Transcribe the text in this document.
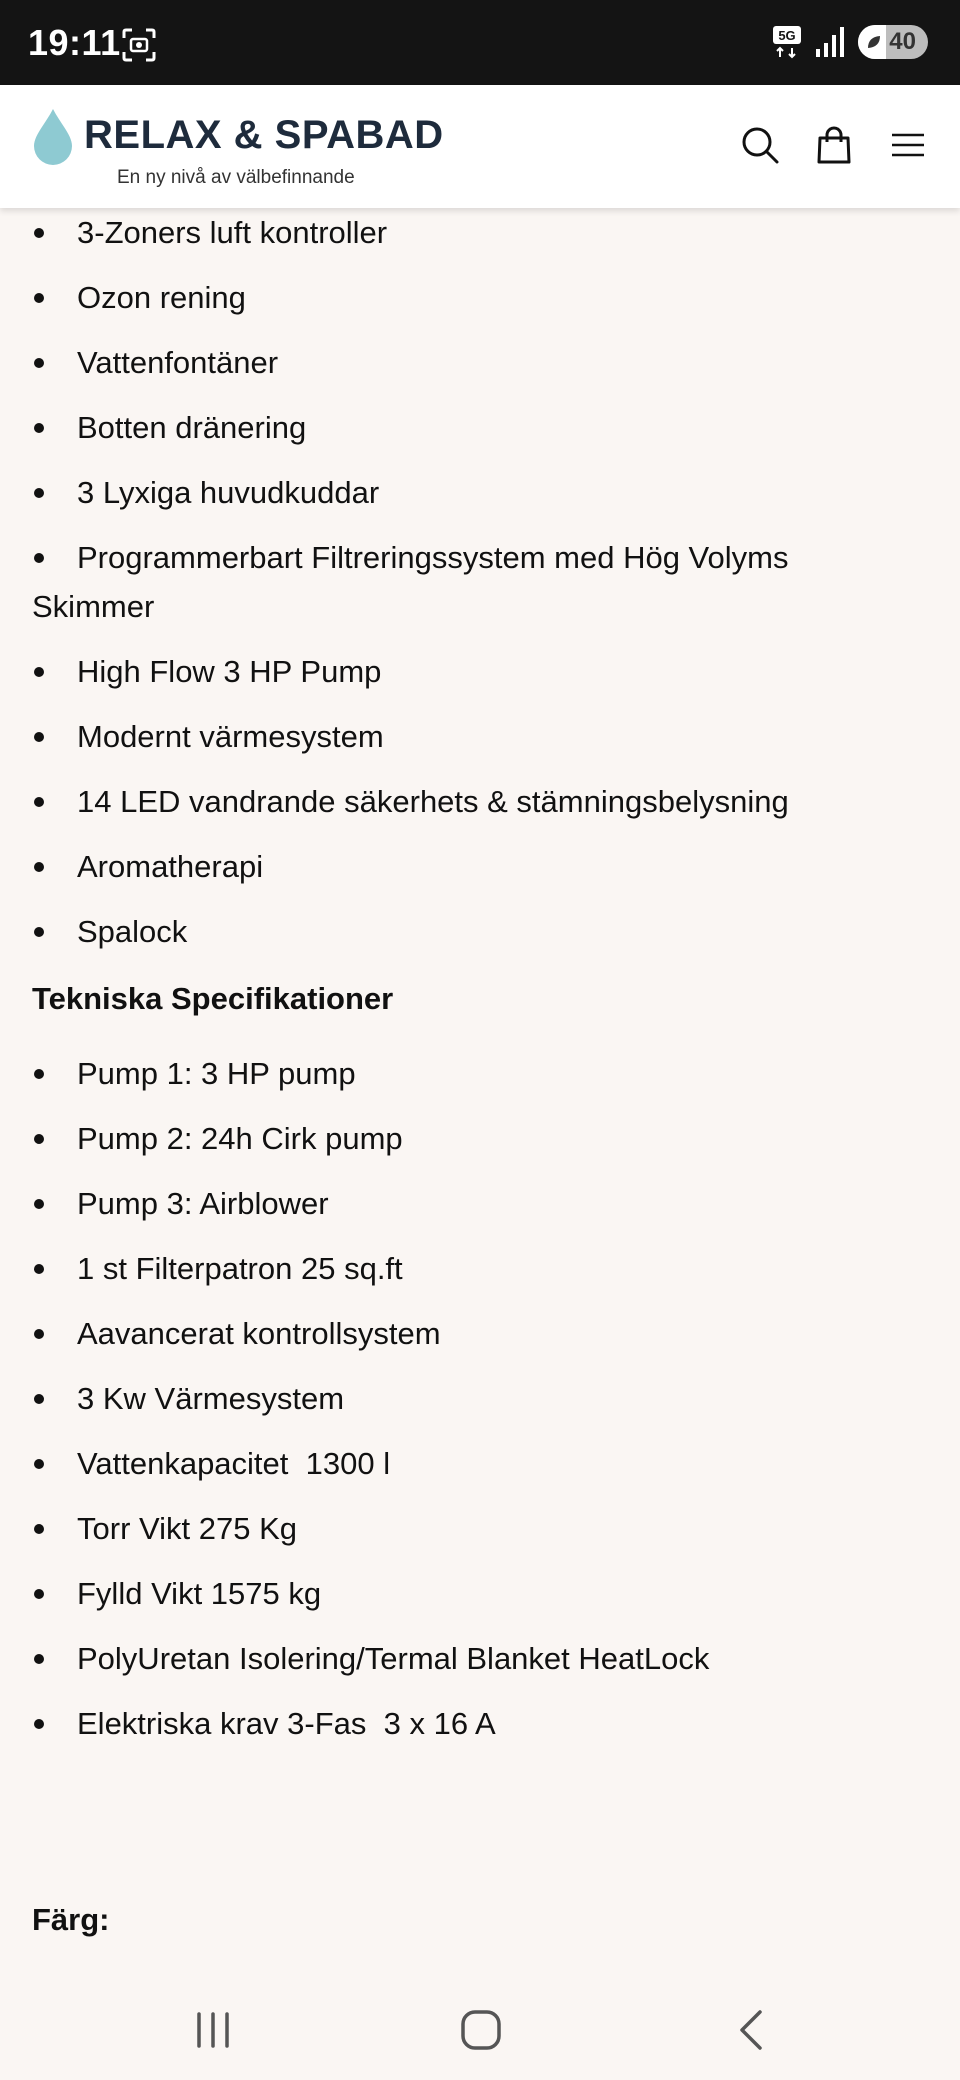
19:11	5G	40
RELAX & SPABAD
En ny nivå av välbefinnande
3-Zoners luft kontroller
Ozon rening
Vattenfontäner
Botten dränering
3 Lyxiga huvudkuddar
Programmerbart Filtreringssystem med Hög Volyms
Skimmer
High Flow 3 HP Pump
Modernt värmesystem
14 LED vandrande säkerhets & stämningsbelysning
Aromatherapi
Spalock
Tekniska Specifikationer
Pump 1: 3 HP pump
Pump 2: 24h Cirk pump
Pump 3: Airblower
1 st Filterpatron 25 sq.ft
Aavancerat kontrollsystem
3 Kw Värmesystem
Vattenkapacitet  1300 l
Torr Vikt 275 Kg
Fylld Vikt 1575 kg
PolyUretan Isolering/Termal Blanket HeatLock
Elektriska krav 3-Fas  3 x 16 A
Färg:
